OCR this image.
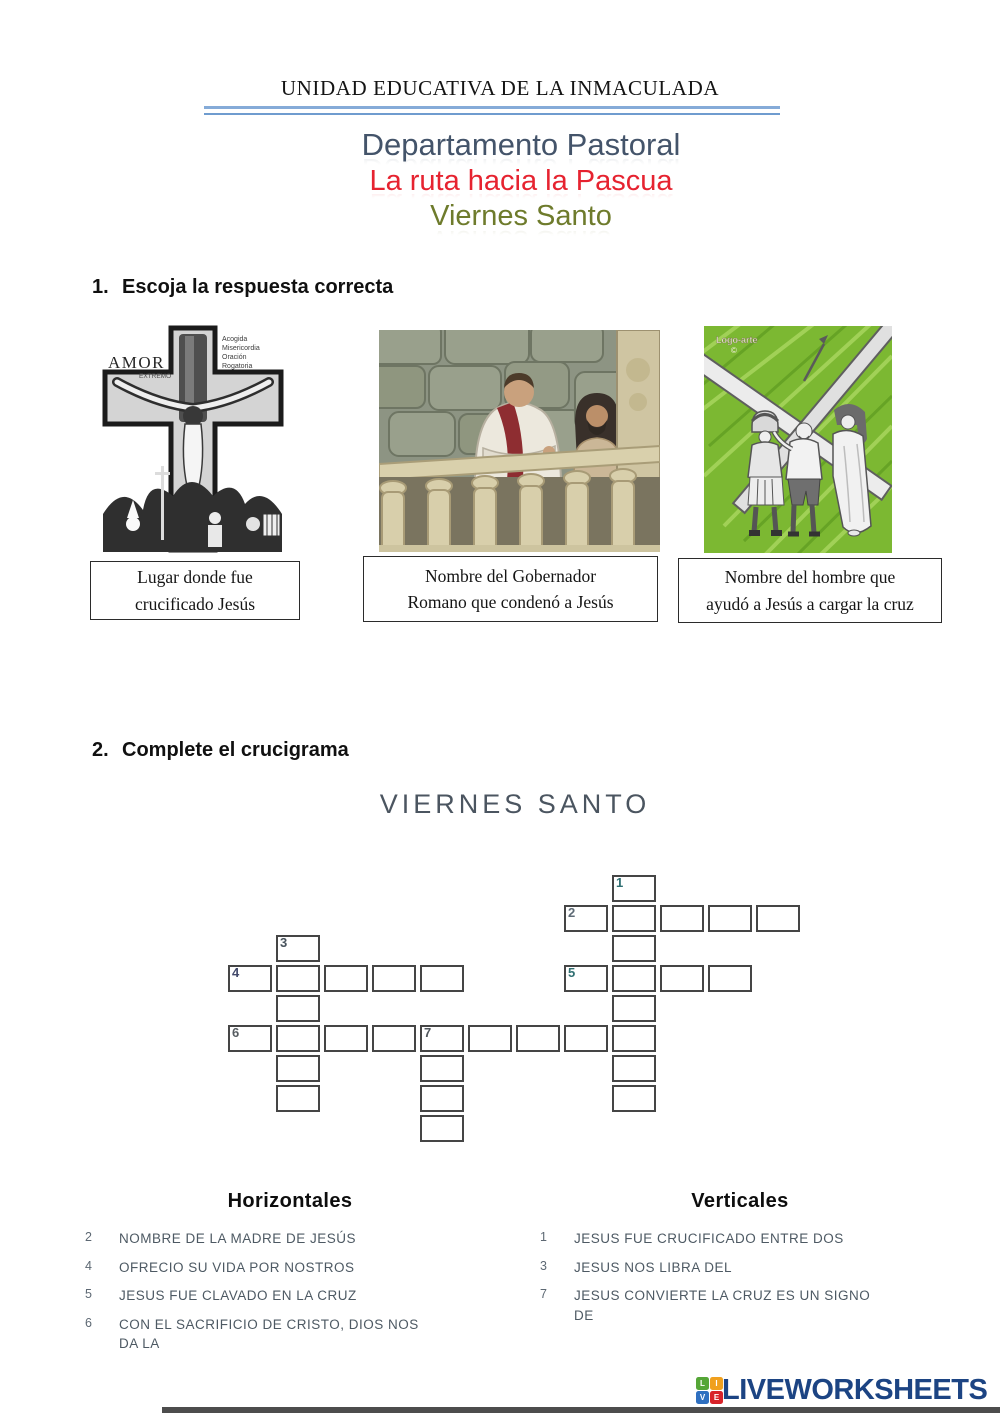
UNIDAD EDUCATIVA DE LA INMACULADA
Departamento Pastoral
La ruta hacia la Pascua
Viernes Santo
1. Escoja la respuesta correcta
AMOR
EXTREMO
Acogida
Misericordia
Oración
Rogatoria
Logo-arte
©
Lugar donde fue
crucificado Jesús
Nombre del Gobernador
Romano que condenó a Jesús
Nombre del hombre que
ayudó a Jesús a cargar la cruz
2. Complete el crucigrama
VIERNES SANTO
1
2
3
4	5
6	7
Horizontales
2	NOMBRE DE LA MADRE DE JESÚS
4	OFRECIO SU VIDA POR NOSTROS
5	JESUS FUE CLAVADO EN LA CRUZ
6	CON EL SACRIFICIO DE CRISTO, DIOS NOS
DA LA
Verticales
1	JESUS FUE CRUCIFICADO ENTRE DOS
3	JESUS NOS LIBRA DEL
7	JESUS CONVIERTE LA CRUZ ES UN SIGNO
DE
L	I
V	E LIVEWORKSHEETS
